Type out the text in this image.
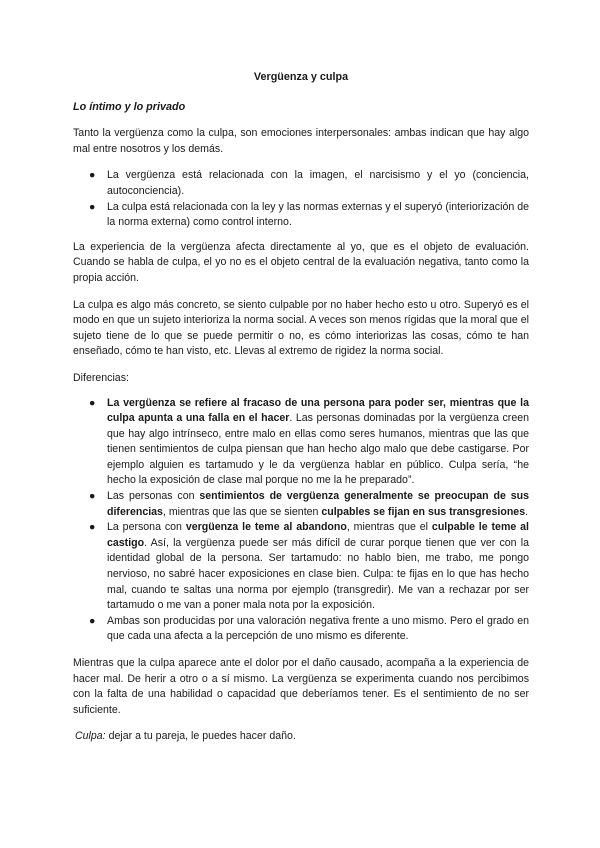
Vergüenza y culpa
Lo íntimo y lo privado

Tanto la vergüenza como la culpa, son emociones interpersonales: ambas indican que hay algo mal entre nosotros y los demás.

● La vergüenza está relacionada con la imagen, el narcisismo y el yo (conciencia, autoconciencia).
● La culpa está relacionada con la ley y las normas externas y el superyó (interiorización de la norma externa) como control interno.

La experiencia de la vergüenza afecta directamente al yo, que es el objeto de evaluación. Cuando se habla de culpa, el yo no es el objeto central de la evaluación negativa, tanto como la propia acción.

La culpa es algo más concreto, se siento culpable por no haber hecho esto u otro. Superyó es el modo en que un sujeto interioriza la norma social. A veces son menos rígidas que la moral que el sujeto tiene de lo que se puede permitir o no, es cómo interiorizas las cosas, cómo te han enseñado, cómo te han visto, etc. Llevas al extremo de rigidez la norma social.

Diferencias:

● La vergüenza se refiere al fracaso de una persona para poder ser, mientras que la culpa apunta a una falla en el hacer. Las personas dominadas por la vergüenza creen que hay algo intrínseco, entre malo en ellas como seres humanos, mientras que las que tienen sentimientos de culpa piensan que han hecho algo malo que debe castigarse. Por ejemplo alguien es tartamudo y le da vergüenza hablar en público. Culpa sería, “he hecho la exposición de clase mal porque no me la he preparado”.
● Las personas con sentimientos de vergüenza generalmente se preocupan de sus diferencias, mientras que las que se sienten culpables se fijan en sus transgresiones.
● La persona con vergüenza le teme al abandono, mientras que el culpable le teme al castigo. Así, la vergüenza puede ser más difícil de curar porque tienen que ver con la identidad global de la persona. Ser tartamudo: no hablo bien, me trabo, me pongo nervioso, no sabré hacer exposiciones en clase bien. Culpa: te fijas en lo que has hecho mal, cuando te saltas una norma por ejemplo (transgredir). Me van a rechazar por ser tartamudo o me van a poner mala nota por la exposición.
● Ambas son producidas por una valoración negativa frente a uno mismo. Pero el grado en que cada una afecta a la percepción de uno mismo es diferente.

Mientras que la culpa aparece ante el dolor por el daño causado, acompaña a la experiencia de hacer mal. De herir a otro o a sí mismo. La vergüenza se experimenta cuando nos percibimos con la falta de una habilidad o capacidad que deberíamos tener. Es el sentimiento de no ser suficiente.

Culpa: dejar a tu pareja, le puedes hacer daño.
